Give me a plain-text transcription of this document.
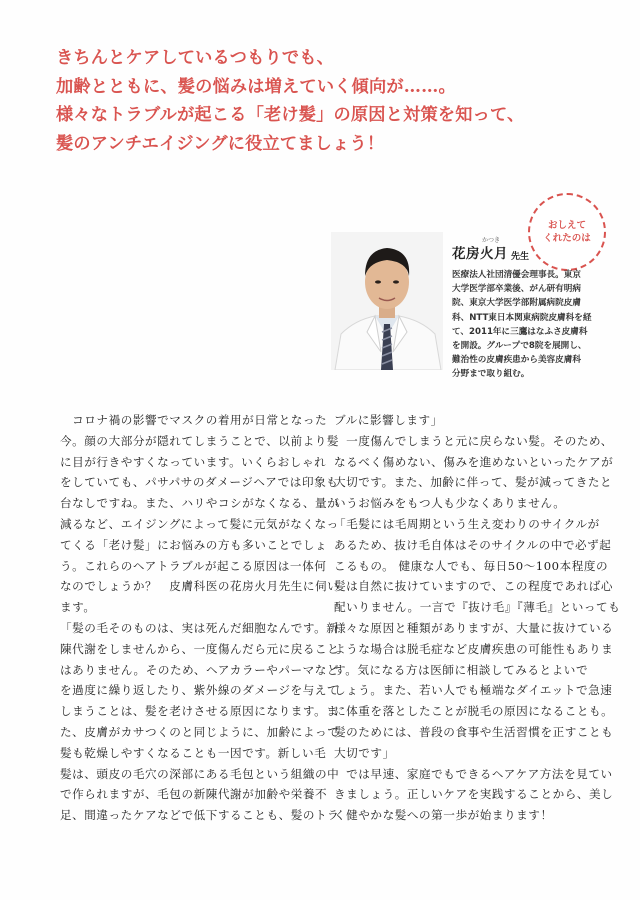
きちんとケアしているつもりでも、

加齢とともに、髪の悩みは増えていく傾向が……。

様々なトラブルが起こる「老け髪」の原因と対策を知って、

髪のアンチエイジングに役立てましょう！

おしえて
くれたのは
かつき
花房火月 先生

医療法人社団清優会理事長。東京

大学医学部卒業後、がん研有明病

院、東京大学医学部附属病院皮膚

科、NTT東日本関東病院皮膚科を経

て、2011年に三鷹はなふさ皮膚科

を開設。グループで8院を展開し、

難治性の皮膚疾患から美容皮膚科

分野まで取り組む。

　コロナ禍の影響でマスクの着用が日常となった

今。顔の大部分が隠れてしまうことで、以前より髪

に目が行きやすくなっています。いくらおしゃれ

をしていても、パサパサのダメージヘアでは印象も

台なしですね。また、ハリやコシがなくなる、量が

減るなど、エイジングによって髪に元気がなくなっ

てくる「老け髪」にお悩みの方も多いことでしょ

う。これらのヘアトラブルが起こる原因は一体何

なのでしょうか？　皮膚科医の花房火月先生に伺い

ます。

「髪の毛そのものは、実は死んだ細胞なんです。新

陳代謝をしませんから、一度傷んだら元に戻ること

はありません。そのため、ヘアカラーやパーマなど

を過度に繰り返したり、紫外線のダメージを与えて

しまうことは、髪を老けさせる原因になります。ま

た、皮膚がカサつくのと同じように、加齢によって

髪も乾燥しやすくなることも一因です。新しい毛

髪は、頭皮の毛穴の深部にある毛包という組織の中

で作られますが、毛包の新陳代謝が加齢や栄養不

足、間違ったケアなどで低下することも、髪のトラ

ブルに影響します」

　一度傷んでしまうと元に戻らない髪。そのため、

なるべく傷めない、傷みを進めないといったケアが

大切です。また、加齢に伴って、髪が減ってきたと

いうお悩みをもつ人も少なくありません。

「毛髪には毛周期という生え変わりのサイクルが

あるため、抜け毛自体はそのサイクルの中で必ず起

こるもの。 健康な人でも、毎日50〜100本程度の

髪は自然に抜けていますので、この程度であれば心

配いりません。一言で『抜け毛』『薄毛』といっても

様々な原因と種類がありますが、大量に抜けている

ような場合は脱毛症など皮膚疾患の可能性もありま

す。気になる方は医師に相談してみるとよいで

しょう。また、若い人でも極端なダイエットで急速

に体重を落としたことが脱毛の原因になることも。

髪のためには、普段の食事や生活習慣を正すことも

大切です」

　では早速、家庭でもできるヘアケア方法を見てい

きましょう。正しいケアを実践することから、美し

く健やかな髪への第一歩が始まります！
